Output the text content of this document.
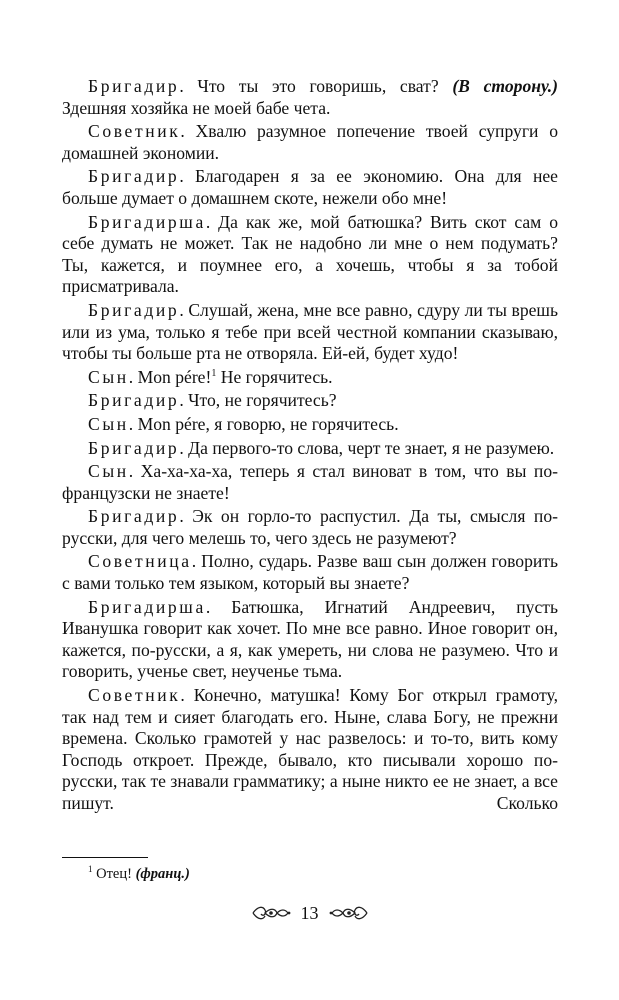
Бригадир. Что ты это говоришь, сват? (В сторону.) Здешняя хозяйка не моей бабе чета.

Советник. Хвалю разумное попечение твоей супруги о домашней экономии.

Бригадир. Благодарен я за ее экономию. Она для нее больше думает о домашнем скоте, нежели обо мне!

Бригадирша. Да как же, мой батюшка? Вить скот сам о себе думать не может. Так не надобно ли мне о нем подумать? Ты, кажется, и поумнее его, а хочешь, чтобы я за тобой присматривала.

Бригадир. Слушай, жена, мне все равно, сдуру ли ты врешь или из ума, только я тебе при всей честной компании сказываю, чтобы ты больше рта не отворяла. Ей-ей, будет худо!

Сын. Mon pére!$^1$ Не горячитесь.

Бригадир. Что, не горячитесь?

Сын. Mon pére, я говорю, не горячитесь.

Бригадир. Да первого-то слова, черт те знает, я не разумею.

Сын. Ха-ха-ха-ха, теперь я стал виноват в том, что вы по-французски не знаете!

Бригадир. Эк он горло-то распустил. Да ты, смысля по-русски, для чего мелешь то, чего здесь не разумеют?

Советница. Полно, сударь. Разве ваш сын должен говорить с вами только тем языком, который вы знаете?

Бригадирша. Батюшка, Игнатий Андреевич, пусть Иванушка говорит как хочет. По мне все равно. Иное говорит он, кажется, по-русски, а я, как умереть, ни слова не разумею. Что и говорить, ученье свет, неученье тьма.

Советник. Конечно, матушка! Кому Бог открыл грамоту, так над тем и сияет благодать его. Ныне, слава Богу, не прежни времена. Сколько грамотей у нас развелось: и то-то, вить кому Господь откроет. Прежде, бывало, кто писывали хорошо по-русски, так те знавали грамматику; а ныне никто ее не знает, а все пишут. Сколько

$^1$ Отец! (франц.)
13
